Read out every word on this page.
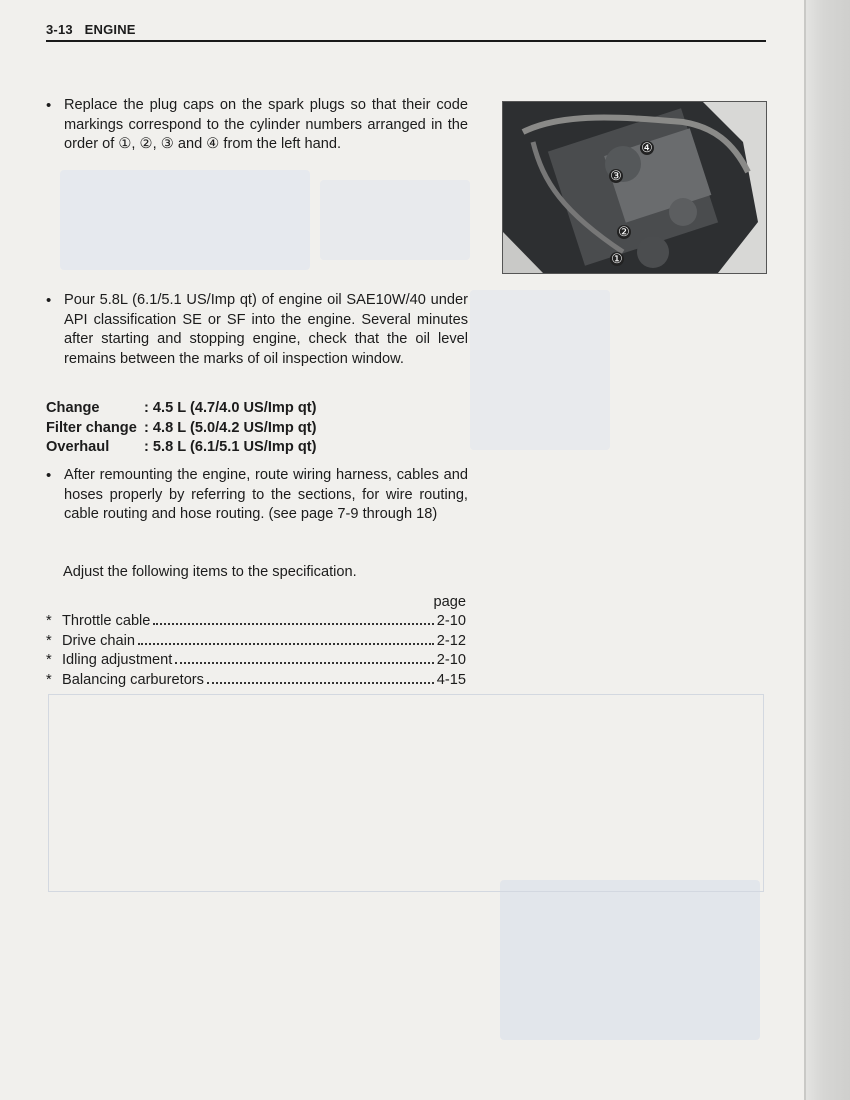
3-13 ENGINE
• Replace the plug caps on the spark plugs so that their code markings correspond to the cylinder numbers arranged in the order of ①, ②, ③ and ④ from the left hand.	④
③
②
①
• Pour 5.8L (6.1/5.1 US/Imp qt) of engine oil SAE10W/40 under API classification SE or SF into the engine. Several minutes after starting and stopping engine, check that the oil level remains between the marks of oil inspection window.
Change	: 4.5 L (4.7/4.0 US/Imp qt)
Filter change : 4.8 L (5.0/4.2 US/Imp qt)
Overhaul	: 5.8 L (6.1/5.1 US/Imp qt)
• After remounting the engine, route wiring harness, cables and hoses properly by referring to the sections, for wire routing, cable routing and hose routing. (see page 7-9 through 18)
Adjust the following items to the specification.
page
* Throttle cable	2-10
* Drive chain	2-12
* Idling adjustment	2-10
* Balancing carburetors	4-15
